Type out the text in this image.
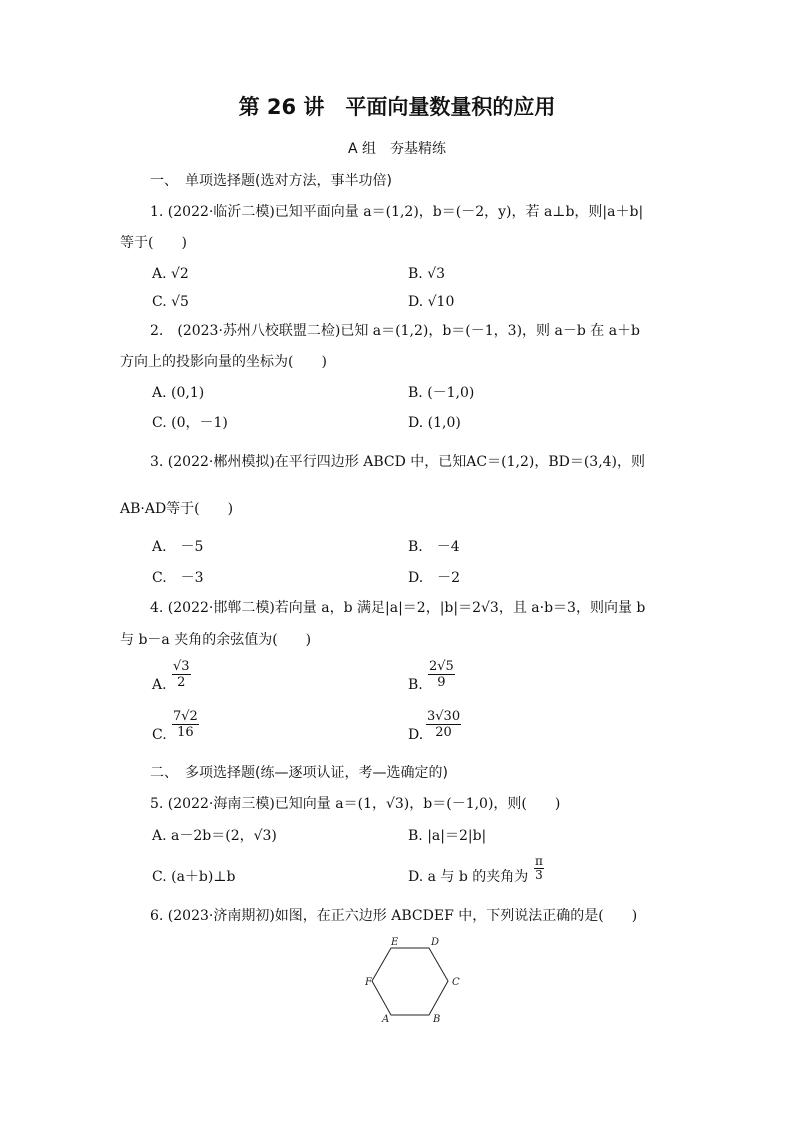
第 26 讲　平面向量数量积的应用
A 组　夯基精练
一、　单项选择题(选对方法，事半功倍)
1. (2022·临沂二模)已知平面向量 a＝(1,2)，b＝(－2，y)，若 a⊥b，则|a＋b|
等于(　　)
A. √2	B. √3
C. √5	D. √10
2.　(2023·苏州八校联盟二检)已知 a＝(1,2)，b＝(－1，3)，则 a－b 在 a＋b
方向上的投影向量的坐标为(　　)
A. (0,1)	B. (－1,0)
C. (0，－1)	D. (1,0)
3. (2022·郴州模拟)在平行四边形 ABCD 中，已知AC＝(1,2)，BD＝(3,4)，则
AB·AD等于(　　)
A.　－5	B.　－4
C.　－3	D.　－2
4. (2022·邯郸二模)若向量 a，b 满足|a|＝2，|b|＝2√3，且 a·b＝3，则向量 b
与 b－a 夹角的余弦值为(　　)
A. $\frac{√3}{2}$	B. $\frac{2√5}{9}$
C. $\frac{7√2}{16}$	D. $\frac{3√30}{20}$
二、　多项选择题(练—逐项认证，考—选确定的)
5. (2022·海南三模)已知向量 a＝(1，√3)，b＝(－1,0)，则(　　)
A. a－2b＝(2，√3)	B. |a|＝2|b|
C. (a＋b)⊥b	D. a 与 b 的夹角为 $\frac{\pi}{3}$
6. (2023·济南期初)如图，在正六边形 ABCDEF 中，下列说法正确的是(　　)
A	B
C
D
E
F
